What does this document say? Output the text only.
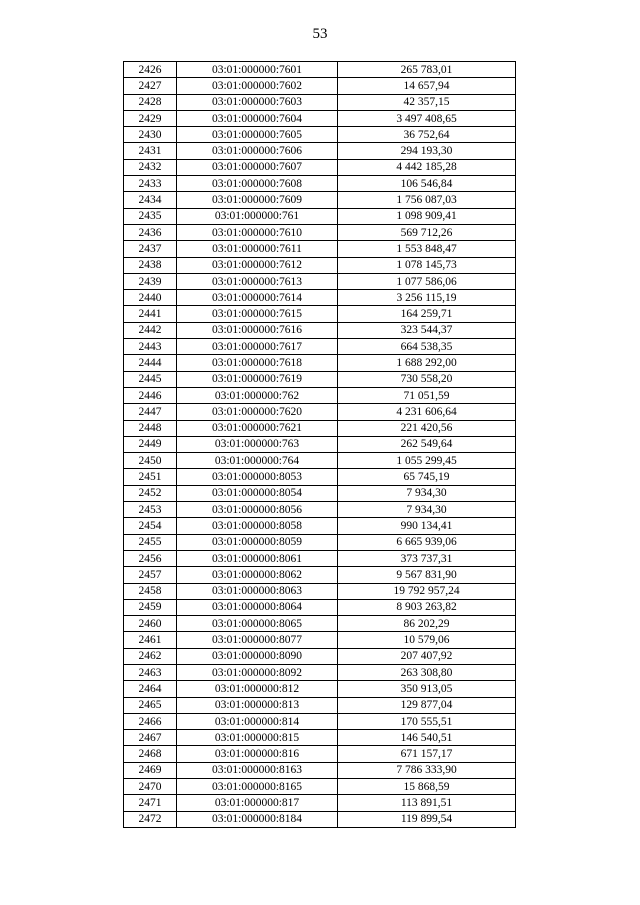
53
2426	03:01:000000:7601	265 783,01
2427	03:01:000000:7602	14 657,94
2428	03:01:000000:7603	42 357,15
2429	03:01:000000:7604	3 497 408,65
2430	03:01:000000:7605	36 752,64
2431	03:01:000000:7606	294 193,30
2432	03:01:000000:7607	4 442 185,28
2433	03:01:000000:7608	106 546,84
2434	03:01:000000:7609	1 756 087,03
2435	03:01:000000:761	1 098 909,41
2436	03:01:000000:7610	569 712,26
2437	03:01:000000:7611	1 553 848,47
2438	03:01:000000:7612	1 078 145,73
2439	03:01:000000:7613	1 077 586,06
2440	03:01:000000:7614	3 256 115,19
2441	03:01:000000:7615	164 259,71
2442	03:01:000000:7616	323 544,37
2443	03:01:000000:7617	664 538,35
2444	03:01:000000:7618	1 688 292,00
2445	03:01:000000:7619	730 558,20
2446	03:01:000000:762	71 051,59
2447	03:01:000000:7620	4 231 606,64
2448	03:01:000000:7621	221 420,56
2449	03:01:000000:763	262 549,64
2450	03:01:000000:764	1 055 299,45
2451	03:01:000000:8053	65 745,19
2452	03:01:000000:8054	7 934,30
2453	03:01:000000:8056	7 934,30
2454	03:01:000000:8058	990 134,41
2455	03:01:000000:8059	6 665 939,06
2456	03:01:000000:8061	373 737,31
2457	03:01:000000:8062	9 567 831,90
2458	03:01:000000:8063	19 792 957,24
2459	03:01:000000:8064	8 903 263,82
2460	03:01:000000:8065	86 202,29
2461	03:01:000000:8077	10 579,06
2462	03:01:000000:8090	207 407,92
2463	03:01:000000:8092	263 308,80
2464	03:01:000000:812	350 913,05
2465	03:01:000000:813	129 877,04
2466	03:01:000000:814	170 555,51
2467	03:01:000000:815	146 540,51
2468	03:01:000000:816	671 157,17
2469	03:01:000000:8163	7 786 333,90
2470	03:01:000000:8165	15 868,59
2471	03:01:000000:817	113 891,51
2472	03:01:000000:8184	119 899,54
